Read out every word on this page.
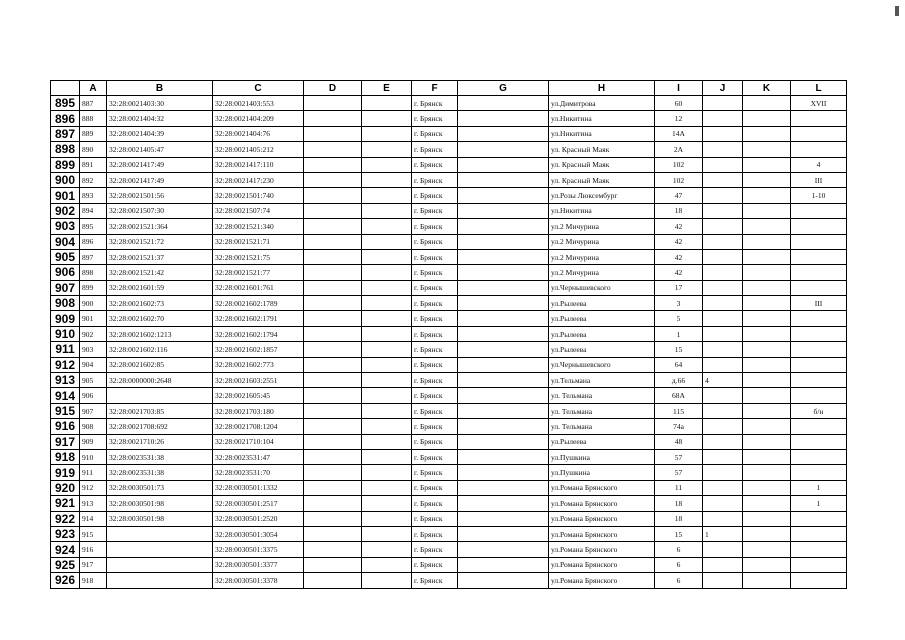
	A	B	C	D	E	F	G	H	I	J	K	L
895	887	32:28:0021403:30	32:28:0021403:553			г. Брянск		ул.Димитрова	60			XVII
896	888	32:28:0021404:32	32:28:0021404:209			г. Брянск		ул.Никитина	12			
897	889	32:28:0021404:39	32:28:0021404:76			г. Брянск		ул.Никитина	14А			
898	890	32:28:0021405:47	32:28:0021405:212			г. Брянск		ул. Красный Маяк	2А			
899	891	32:28:0021417:49	32:28:0021417:110			г. Брянск		ул. Красный Маяк	102			4
900	892	32:28:0021417:49	32:28:0021417:230			г. Брянск		ул. Красный Маяк	102			III
901	893	32:28:0021501:56	32:28:0021501:740			г. Брянск		ул.Розы Люксембург	47			1-10
902	894	32:28:0021507:30	32:28:0021507:74			г. Брянск		ул.Никитина	18			
903	895	32:28:0021521:364	32:28:0021521:340			г. Брянск		ул.2 Мичурина	42			
904	896	32:28:0021521:72	32:28:0021521:71			г. Брянск		ул.2 Мичурина	42			
905	897	32:28:0021521:37	32:28:0021521:75			г. Брянск		ул.2 Мичурина	42			
906	898	32:28:0021521:42	32:28:0021521:77			г. Брянск		ул.2 Мичурина	42			
907	899	32:28:0021601:59	32:28:0021601:761			г. Брянск		ул.Чернышевского	17			
908	900	32:28:0021602:73	32:28:0021602:1789			г. Брянск		ул.Рылеева	3			III
909	901	32:28:0021602:70	32:28:0021602:1791			г. Брянск		ул.Рылеева	5			
910	902	32:28:0021602:1213	32:28:0021602:1794			г. Брянск		ул.Рылеева	1			
911	903	32:28:0021602:116	32:28:0021602:1857			г. Брянск		ул.Рылеева	15			
912	904	32:28:0021602:85	32:28:0021602:773			г. Брянск		ул.Чернышевского	64			
913	905	32:28:0000000:2648	32:28:0021603:2551			г. Брянск		ул.Тельмана	д.66	4		
914	906		32:28:0021605:45			г. Брянск		ул. Тельмана	68А			
915	907	32:28:0021703:85	32:28:0021703:180			г. Брянск		ул. Тельмана	115			б/н
916	908	32:28:0021708:692	32:28:0021708:1204			г. Брянск		ул. Тельмана	74а			
917	909	32:28:0021710:26	32:28:0021710:104			г. Брянск		ул.Рылеева	48			
918	910	32:28:0023531:38	32:28:0023531:47			г. Брянск		ул.Пушкина	57			
919	911	32:28:0023531:38	32:28:0023531:70			г. Брянск		ул.Пушкина	57			
920	912	32:28:0030501:73	32:28:0030501:1332			г. Брянск		ул.Романа Брянского	11			1
921	913	32:28:0030501:98	32:28:0030501:2517			г. Брянск		ул.Романа Брянского	18			1
922	914	32:28:0030501:98	32:28:0030501:2520			г. Брянск		ул.Романа Брянского	18			
923	915		32:28:0030501:3054			г. Брянск		ул.Романа Брянского	15	1		
924	916		32:28:0030501:3375			г. Брянск		ул.Романа Брянского	6			
925	917		32:28:0030501:3377			г. Брянск		ул.Романа Брянского	6			
926	918		32:28:0030501:3378			г. Брянск		ул.Романа Брянского	6			
